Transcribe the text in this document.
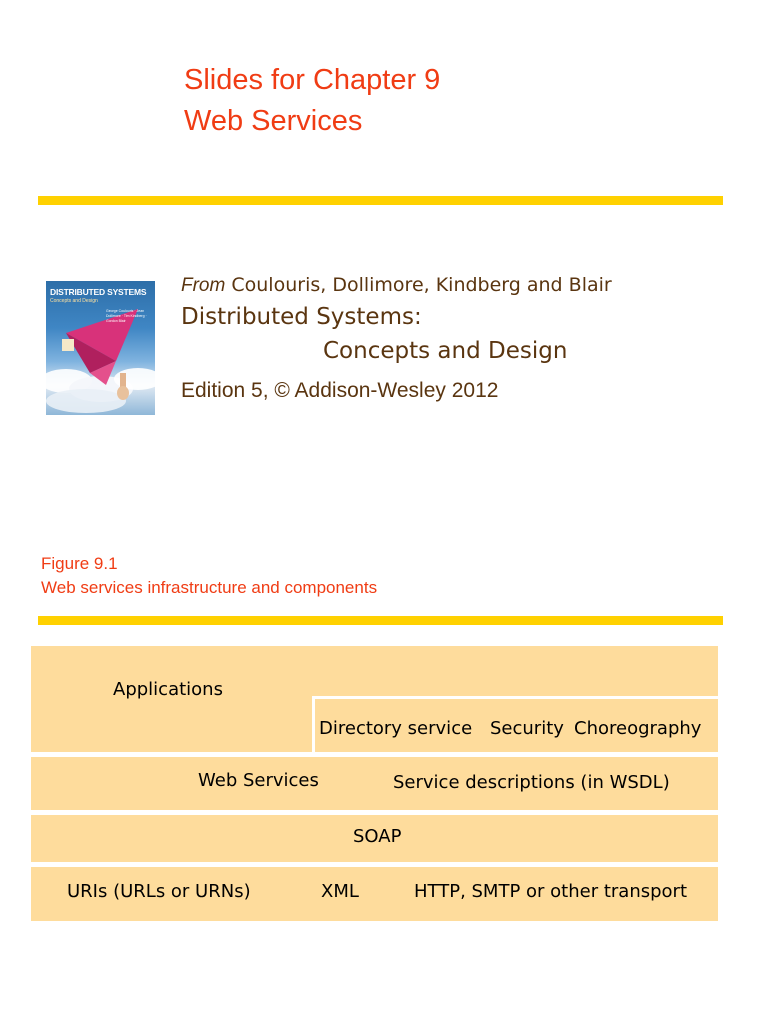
Slides for Chapter 9
Web Services
DISTRIBUTED SYSTEMS
Concepts and Design
George Coulouris · Jean Dollimore · Tim Kindberg · Gordon Blair
From Coulouris, Dollimore, Kindberg and Blair
Distributed Systems:
Concepts and Design
Edition 5, © Addison-Wesley 2012
Figure 9.1
Web services infrastructure and components
Applications
Directory service Security Choreography
Web Services	Service descriptions (in WSDL)
SOAP
URIs (URLs or URNs)	XML	HTTP, SMTP or other transport
